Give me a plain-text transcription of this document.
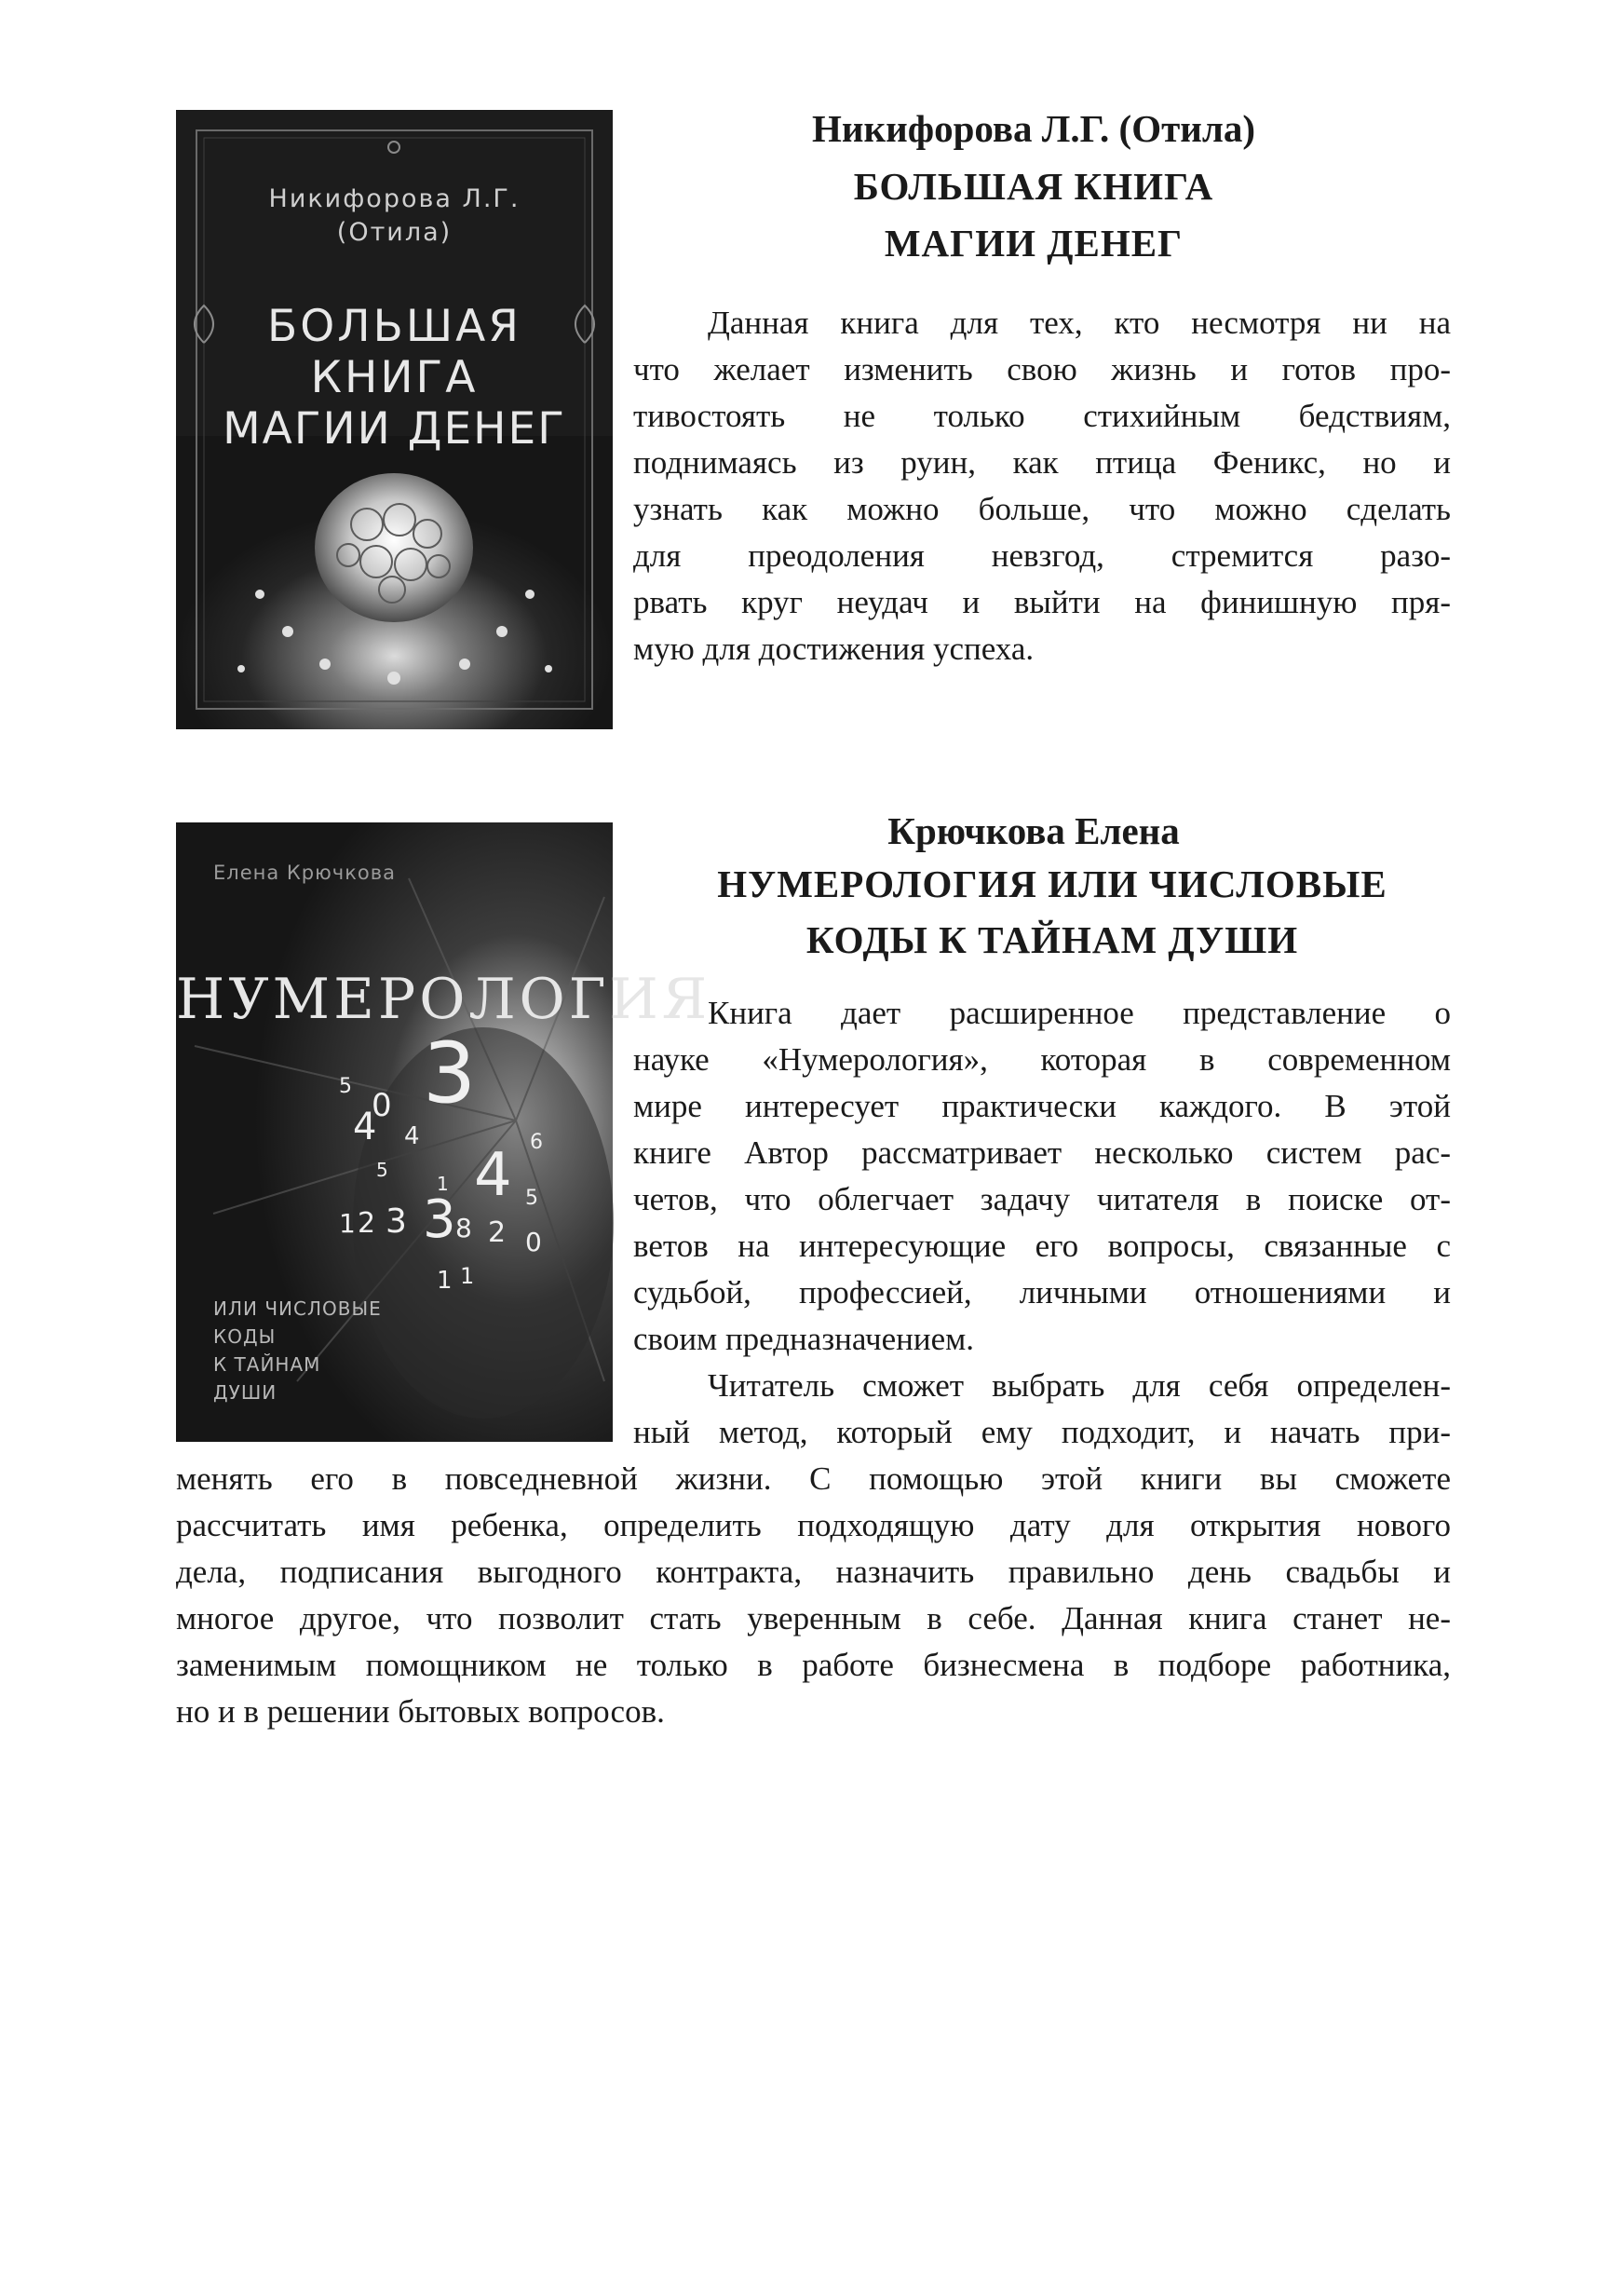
Никифорова Л.Г.
(Отила)
БОЛЬШАЯ
КНИГА
МАГИИ ДЕНЕГ
Никифорова Л.Г. (Отила)
БОЛЬШАЯ КНИГА
МАГИИ ДЕНЕГ
Данная книга для тех, кто несмотря ни на
что желает изменить свою жизнь и готов про-
тивостоять не только стихийным бедствиям,
поднимаясь из руин, как птица Феникс, но и
узнать как можно больше, что можно сделать
для преодоления невзгод, стремится разо-
рвать круг неудач и выйти на финишную пря-
мую для достижения успеха.
5
4
0
4
3
4
5
1
1 2 3 3 8 2 0
1 1
6
5
Елена Крючкова
НУМЕРОЛОГИЯ
ИЛИ ЧИСЛОВЫЕ
КОДЫ
К ТАЙНАМ
ДУШИ
Крючкова Елена
НУМЕРОЛОГИЯ ИЛИ ЧИСЛОВЫЕ
КОДЫ К ТАЙНАМ ДУШИ
Книга дает расширенное представление о
науке «Нумерология», которая в современном
мире интересует практически каждого. В этой
книге Автор рассматривает несколько систем рас-
четов, что облегчает задачу читателя в поиске от-
ветов на интересующие его вопросы, связанные с
судьбой, профессией, личными отношениями и
своим предназначением.
Читатель сможет выбрать для себя определен-
ный метод, который ему подходит, и начать при-
менять его в повседневной жизни. С помощью этой книги вы сможете
рассчитать имя ребенка, определить подходящую дату для открытия нового
дела, подписания выгодного контракта, назначить правильно день свадьбы и
многое другое, что позволит стать уверенным в себе. Данная книга станет не-
заменимым помощником не только в работе бизнесмена в подборе работника,
но и в решении бытовых вопросов.
